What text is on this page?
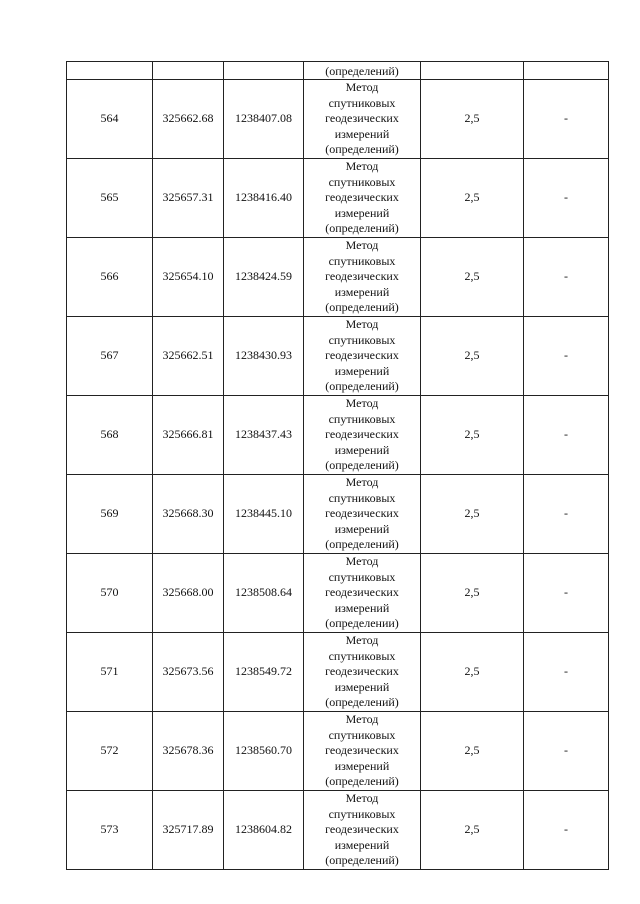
			(определений)		
564	325662.68	1238407.08	Метод
спутниковых
геодезических
измерений
(определений)	2,5	-
565	325657.31	1238416.40	Метод
спутниковых
геодезических
измерений
(определений)	2,5	-
566	325654.10	1238424.59	Метод
спутниковых
геодезических
измерений
(определений)	2,5	-
567	325662.51	1238430.93	Метод
спутниковых
геодезических
измерений
(определений)	2,5	-
568	325666.81	1238437.43	Метод
спутниковых
геодезических
измерений
(определений)	2,5	-
569	325668.30	1238445.10	Метод
спутниковых
геодезических
измерений
(определений)	2,5	-
570	325668.00	1238508.64	Метод
спутниковых
геодезических
измерений
(определении)	2,5	-
571	325673.56	1238549.72	Метод
спутниковых
геодезических
измерений
(определений)	2,5	-
572	325678.36	1238560.70	Метод
спутниковых
геодезических
измерений
(определений)	2,5	-
573	325717.89	1238604.82	Метод
спутниковых
геодезических
измерений
(определений)	2,5	-
